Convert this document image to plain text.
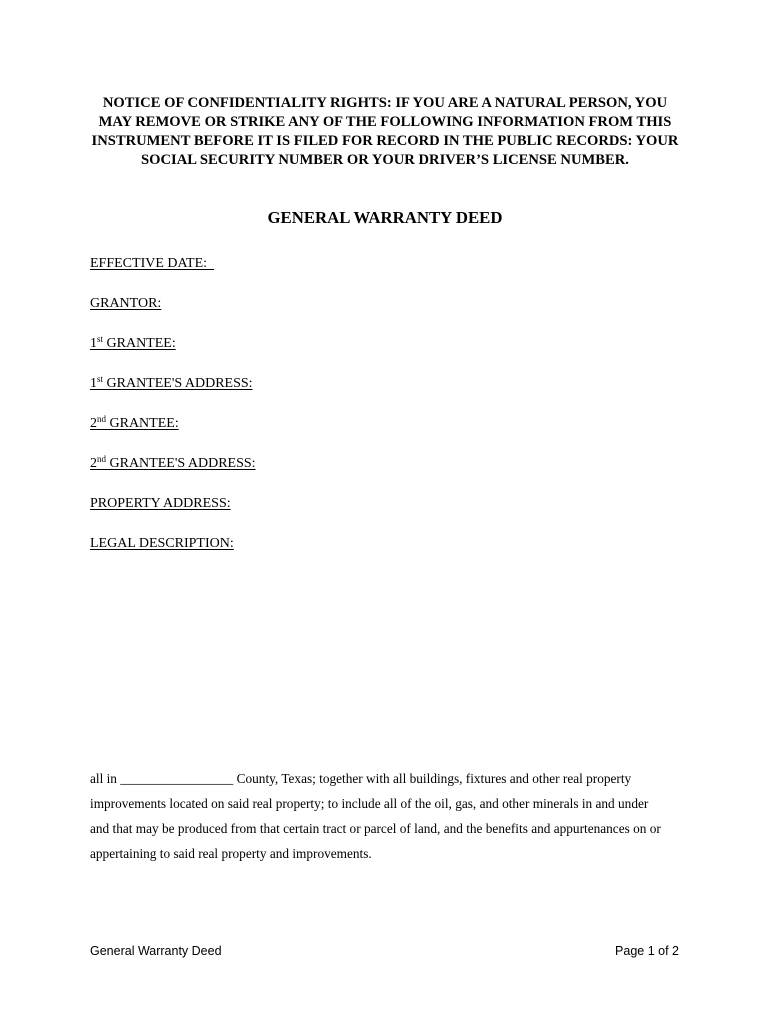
NOTICE OF CONFIDENTIALITY RIGHTS: IF YOU ARE A NATURAL PERSON, YOU MAY REMOVE OR STRIKE ANY OF THE FOLLOWING INFORMATION FROM THIS INSTRUMENT BEFORE IT IS FILED FOR RECORD IN THE PUBLIC RECORDS: YOUR SOCIAL SECURITY NUMBER OR YOUR DRIVER’S LICENSE NUMBER.

GENERAL WARRANTY DEED

EFFECTIVE DATE:

GRANTOR:

1st GRANTEE:

1st GRANTEE'S ADDRESS:

2nd GRANTEE:

2nd GRANTEE'S ADDRESS:

PROPERTY ADDRESS:

LEGAL DESCRIPTION:

all in _________________ County, Texas; together with all buildings, fixtures and other real property
improvements located on said real property; to include all of the oil, gas, and other minerals in and under
and that may be produced from that certain tract or parcel of land, and the benefits and appurtenances on or
appertaining to said real property and improvements.

General Warranty Deed	Page 1 of 2
